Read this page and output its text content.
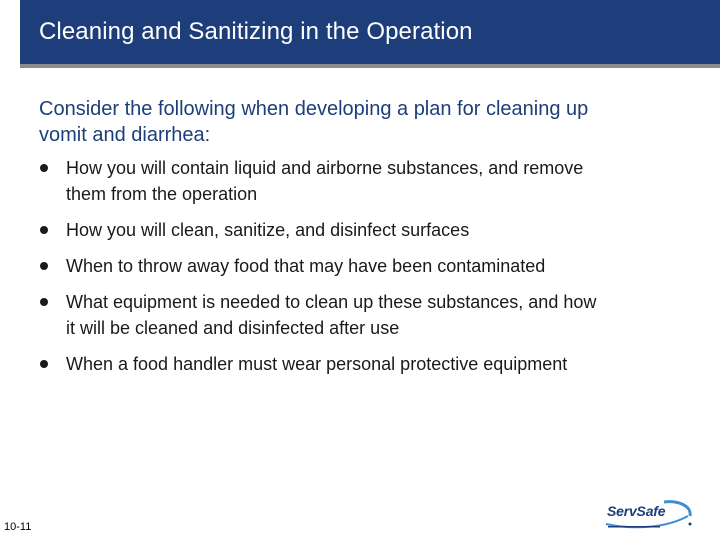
Cleaning and Sanitizing in the Operation
Consider the following when developing a plan for cleaning up vomit and diarrhea:
How you will contain liquid and airborne substances, and remove them from the operation
How you will clean, sanitize, and disinfect surfaces
When to throw away food that may have been contaminated
What equipment is needed to clean up these substances, and how it will be cleaned and disinfected after use
When a food handler must wear personal protective equipment
10-11
ServSafe
